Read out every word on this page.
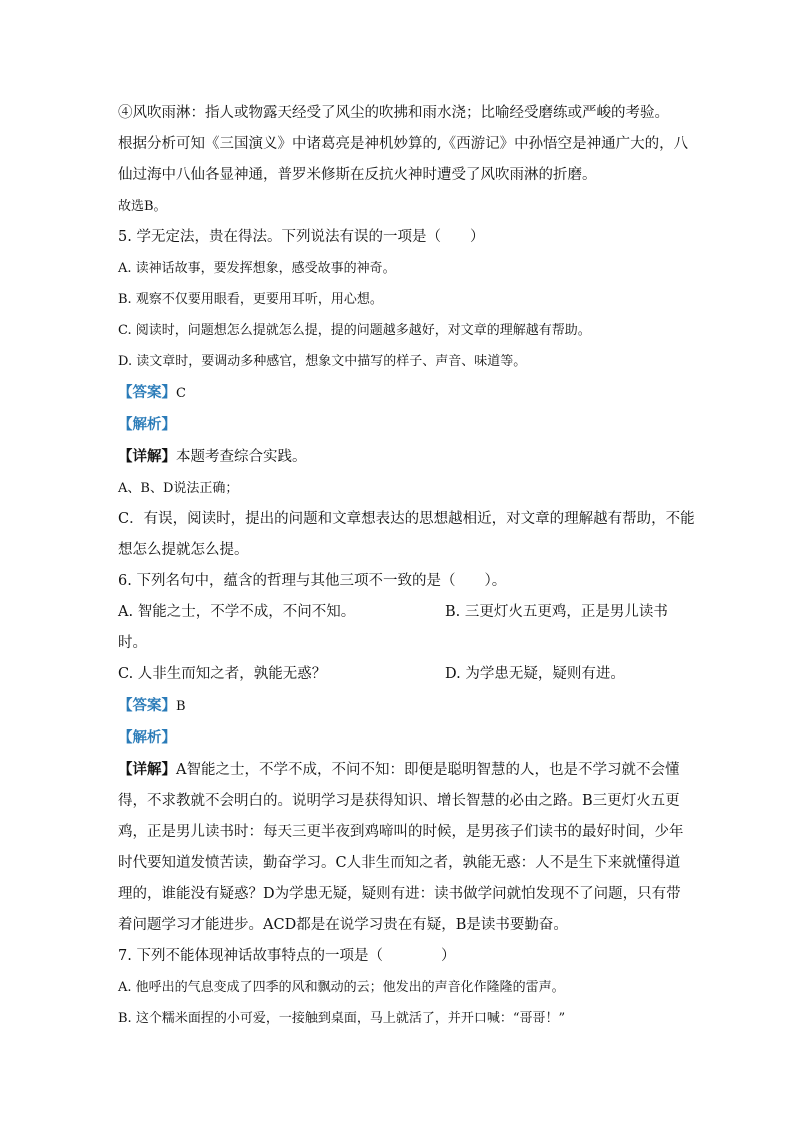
④风吹雨淋：指人或物露天经受了风尘的吹拂和雨水浇；比喻经受磨练或严峻的考验。
根据分析可知《三国演义》中诸葛亮是神机妙算的,《西游记》中孙悟空是神通广大的，八
仙过海中八仙各显神通，普罗米修斯在反抗火神时遭受了风吹雨淋的折磨。
故选B。
5. 学无定法，贵在得法。下列说法有误的一项是（　　）
A. 读神话故事，要发挥想象，感受故事的神奇。
B. 观察不仅要用眼看，更要用耳听，用心想。
C. 阅读时，问题想怎么提就怎么提，提的问题越多越好，对文章的理解越有帮助。
D. 读文章时，要调动多种感官，想象文中描写的样子、声音、味道等。
【答案】C
【解析】
【详解】本题考查综合实践。
A、B、D说法正确；
C．有误，阅读时，提出的问题和文章想表达的思想越相近，对文章的理解越有帮助，不能
想怎么提就怎么提。
6. 下列名句中，蕴含的哲理与其他三项不一致的是（　　）。
A. 智能之士，不学不成，不问不知。	B. 三更灯火五更鸡，正是男儿读书
时。
C. 人非生而知之者，孰能无惑？	D. 为学患无疑，疑则有进。
【答案】B
【解析】
【详解】A智能之士，不学不成，不问不知：即便是聪明智慧的人，也是不学习就不会懂
得，不求教就不会明白的。说明学习是获得知识、增长智慧的必由之路。B三更灯火五更
鸡，正是男儿读书时：每天三更半夜到鸡啼叫的时候，是男孩子们读书的最好时间，少年
时代要知道发愤苦读，勤奋学习。C人非生而知之者，孰能无惑：人不是生下来就懂得道
理的，谁能没有疑惑？D为学患无疑，疑则有进：读书做学问就怕发现不了问题，只有带
着问题学习才能进步。ACD都是在说学习贵在有疑，B是读书要勤奋。
7. 下列不能体现神话故事特点的一项是（　　　　）
A. 他呼出的气息变成了四季的风和飘动的云；他发出的声音化作隆隆的雷声。
B. 这个糯米面捏的小可爱，一接触到桌面，马上就活了，并开口喊：“哥哥！”
